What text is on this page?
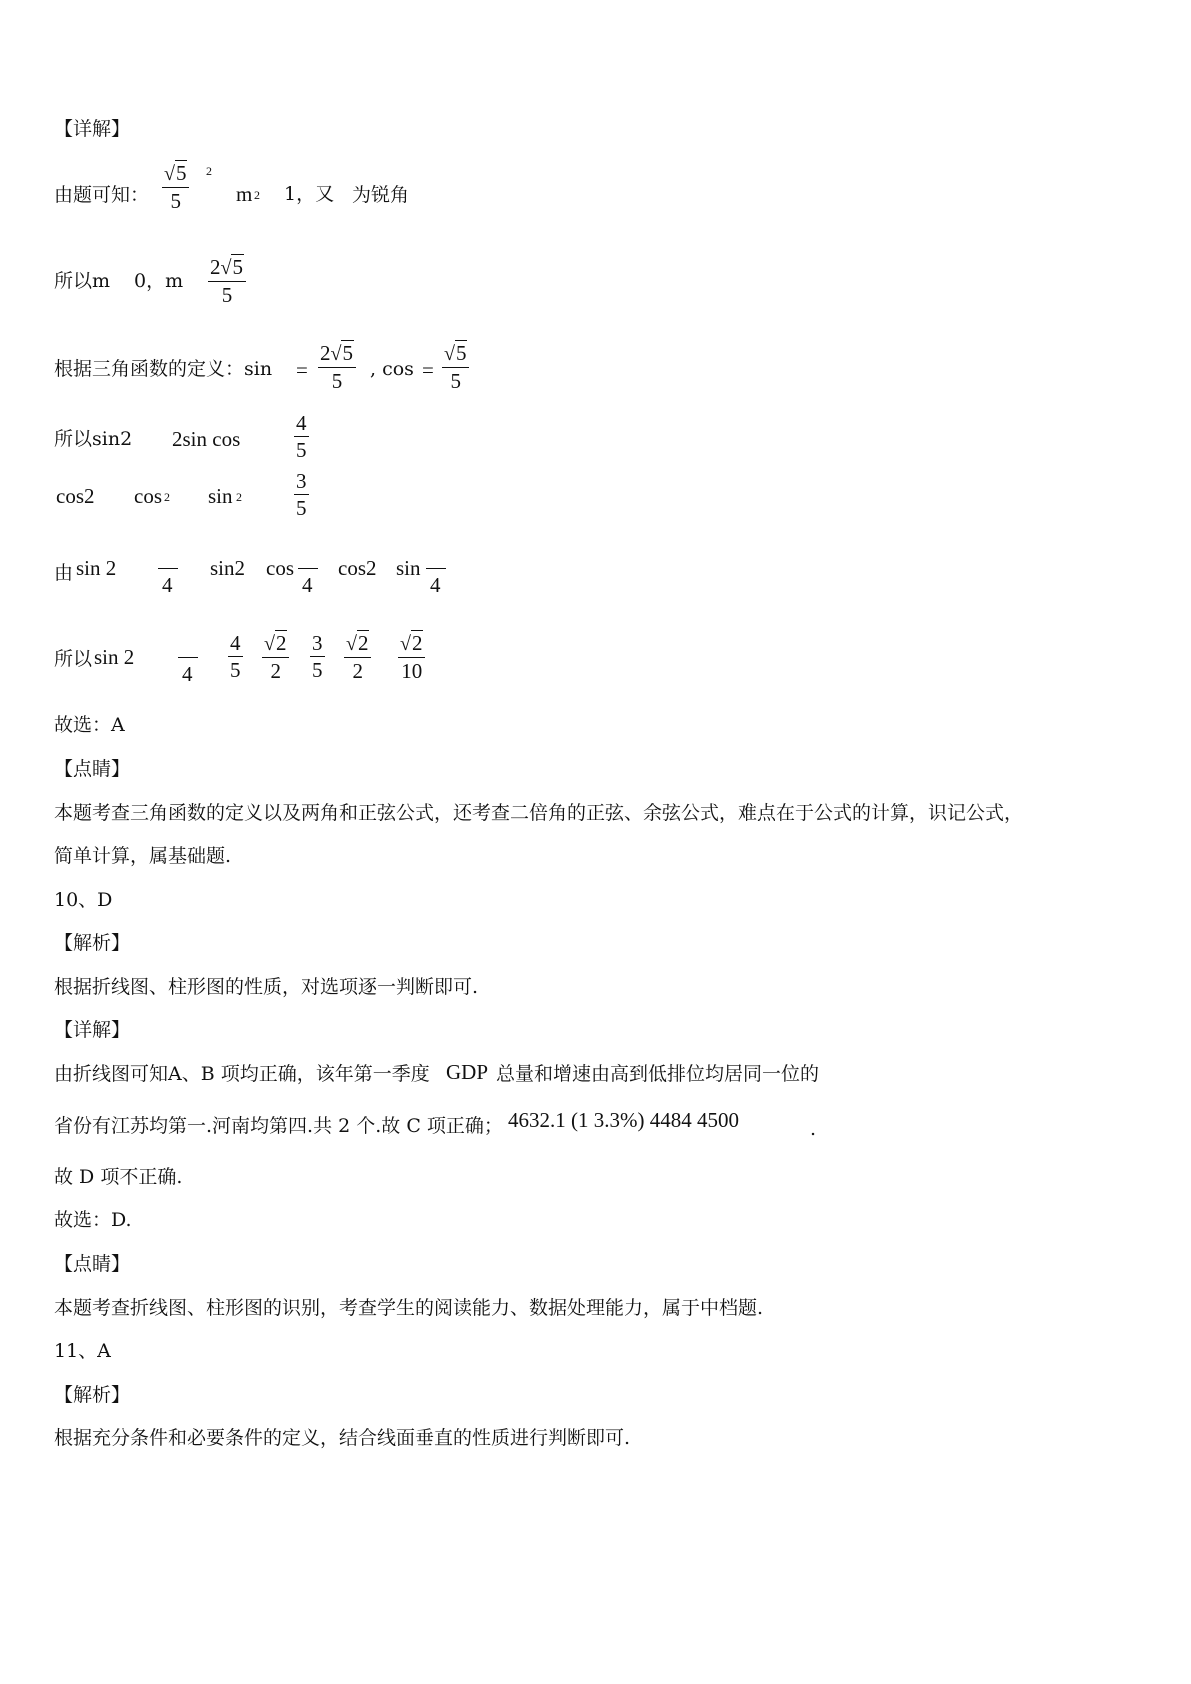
【详解】
由题可知：
√5
5
2
m 2 1，又 为锐角
所以m 0，m
2√5
5
根据三角函数的定义：sin =
2√5
5 , cos =
√5
5
所以sin2 2sin cos
4
5
cos2 cos 2 sin 2
3
5
由 sin 2
4
sin2 cos
4
cos2 sin
4
所以 sin 2
4
4
5
√2
2
3
5
√2
2
√2
10
故选：A
【点睛】
本题考查三角函数的定义以及两角和正弦公式，还考查二倍角的正弦、余弦公式，难点在于公式的计算，识记公式，
简单计算，属基础题.
10、D
【解析】
根据折线图、柱形图的性质，对选项逐一判断即可.
【详解】
由折线图可知A、B 项均正确，该年第一季度 GDP 总量和增速由高到低排位均居同一位的
省份有江苏均第一.河南均第四.共 2 个.故 C 项正确； 4632.1 (1 3.3%) 4484 4500	.
故 D 项不正确.
故选：D.
【点睛】
本题考查折线图、柱形图的识别，考查学生的阅读能力、数据处理能力，属于中档题.
11、A
【解析】
根据充分条件和必要条件的定义，结合线面垂直的性质进行判断即可.
